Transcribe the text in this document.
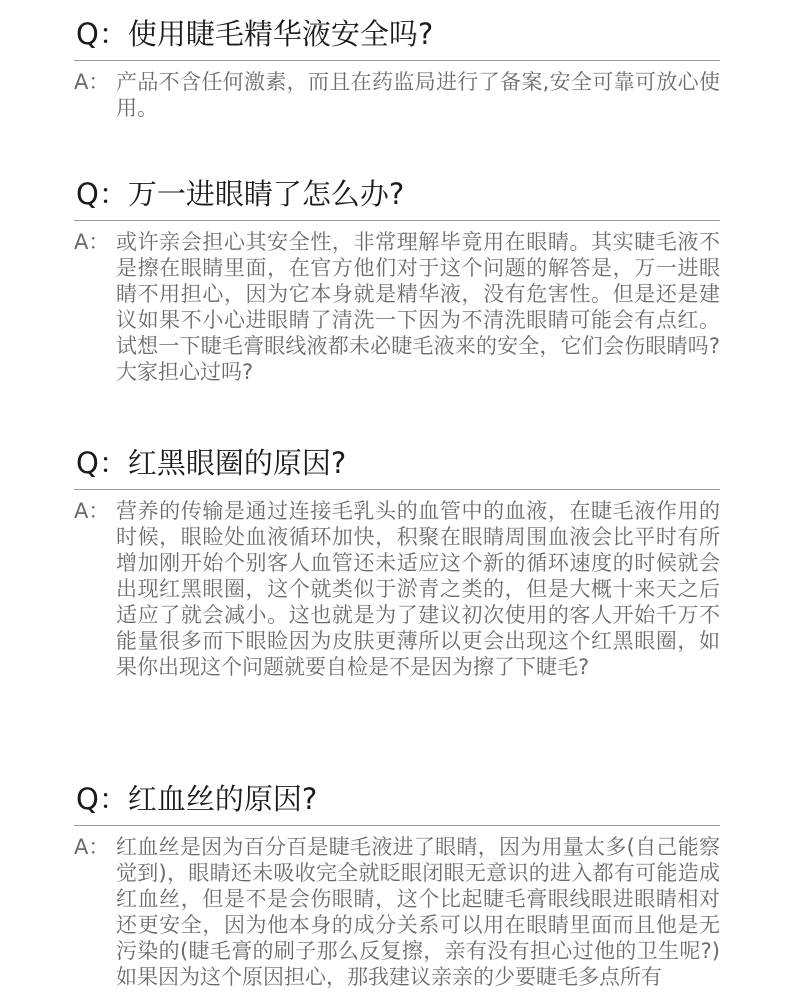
Q：使用睫毛精华液安全吗?
A： 产品不含任何激素，而且在药监局进行了备案,安全可靠可放心使用。
Q：万一进眼睛了怎么办?
A： 或许亲会担心其安全性，非常理解毕竟用在眼睛。其实睫毛液不是擦在眼睛里面，在官方他们对于这个问题的解答是，万一进眼睛不用担心，因为它本身就是精华液，没有危害性。但是还是建议如果不小心进眼睛了清洗一下因为不清洗眼睛可能会有点红。试想一下睫毛膏眼线液都未必睫毛液来的安全，它们会伤眼睛吗?大家担心过吗?
Q：红黑眼圈的原因?
A： 营养的传输是通过连接毛乳头的血管中的血液，在睫毛液作用的时候，眼睑处血液循环加快，积聚在眼睛周围血液会比平时有所增加刚开始个别客人血管还未适应这个新的循环速度的时候就会出现红黑眼圈，这个就类似于淤青之类的，但是大概十来天之后适应了就会减小。这也就是为了建议初次使用的客人开始千万不能量很多而下眼睑因为皮肤更薄所以更会出现这个红黑眼圈，如果你出现这个问题就要自检是不是因为擦了下睫毛?
Q：红血丝的原因?
A： 红血丝是因为百分百是睫毛液进了眼睛，因为用量太多(自己能察觉到)，眼睛还未吸收完全就眨眼闭眼无意识的进入都有可能造成红血丝，但是不是会伤眼睛，这个比起睫毛膏眼线眼进眼睛相对还更安全，因为他本身的成分关系可以用在眼睛里面而且他是无污染的(睫毛膏的刷子那么反复擦，亲有没有担心过他的卫生呢?)如果因为这个原因担心，那我建议亲亲的少要睫毛多点所有
